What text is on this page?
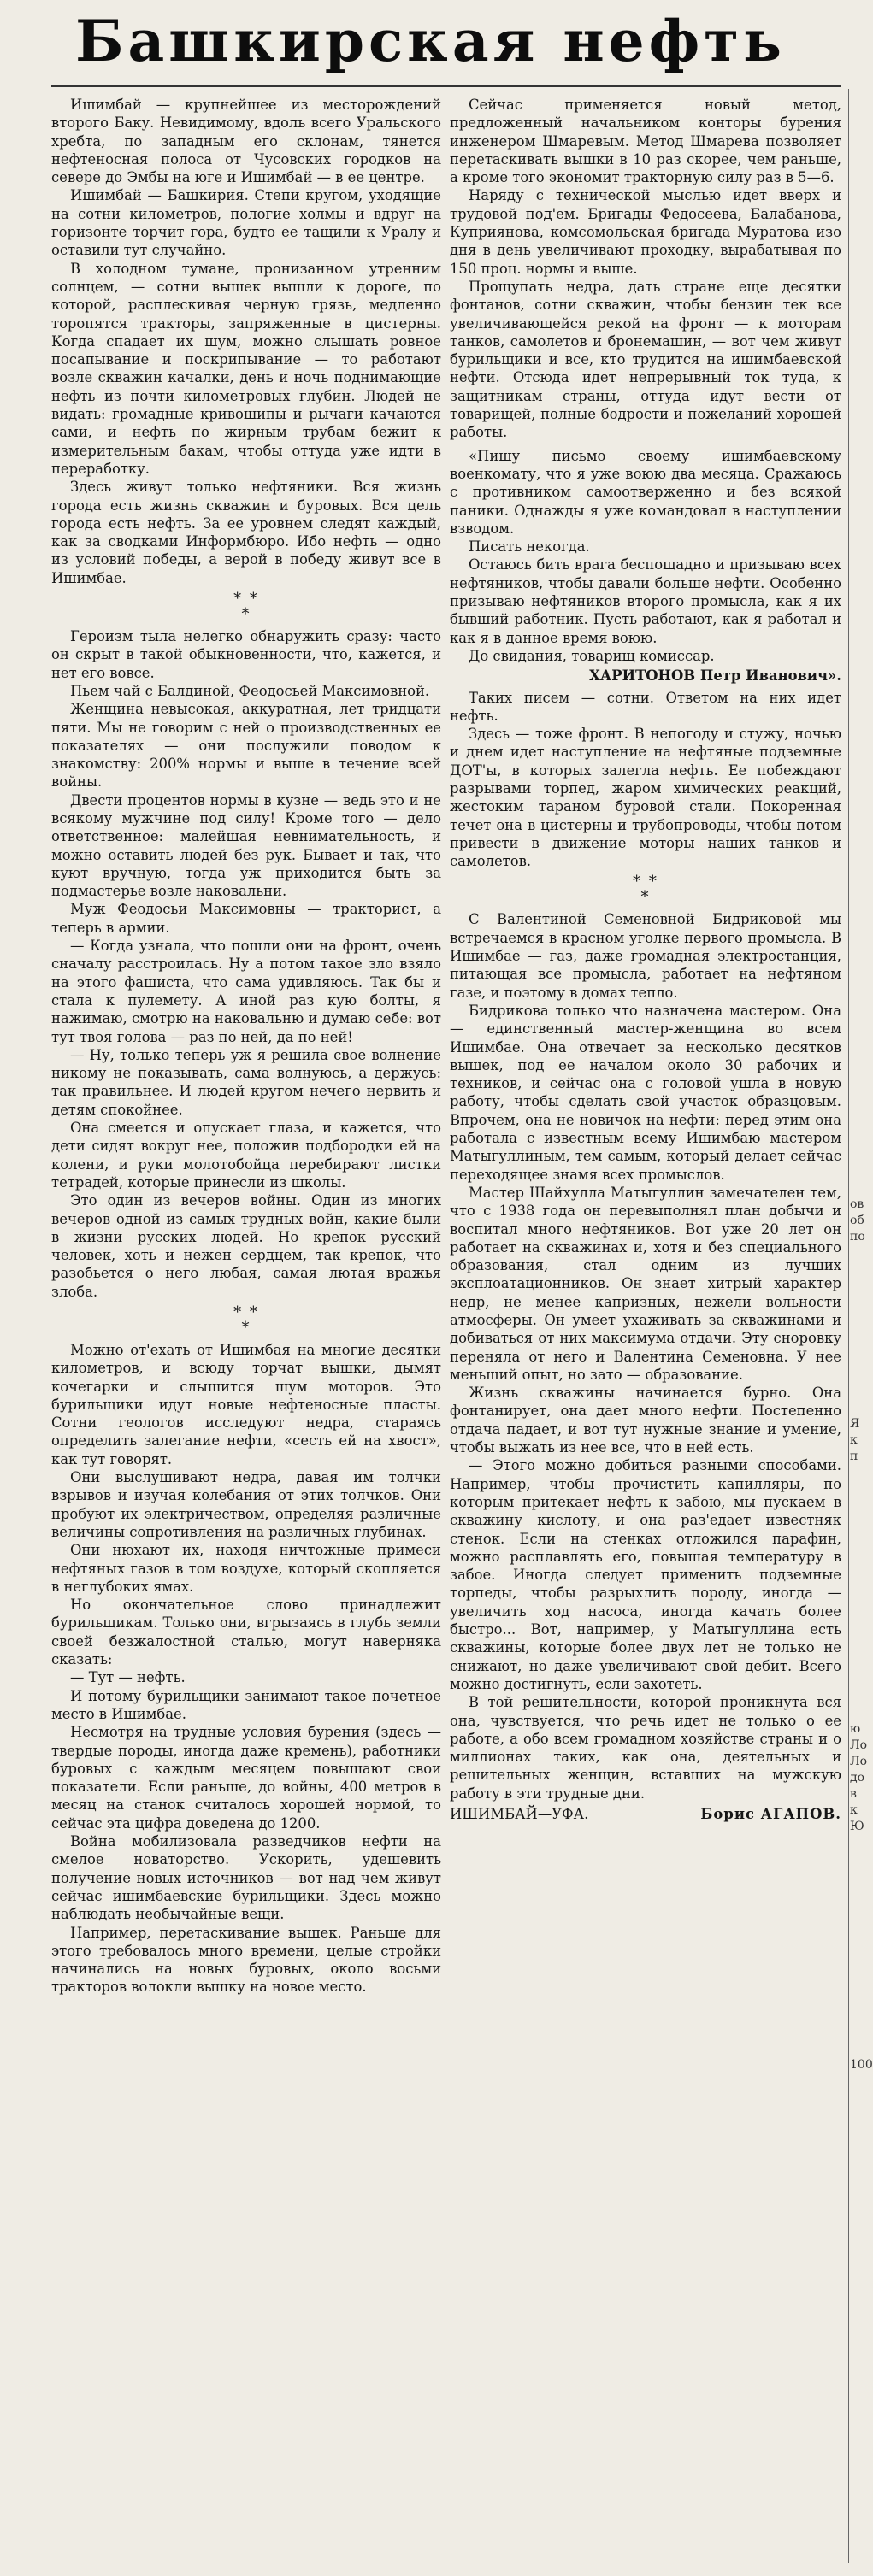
Башкирская нефть

Ишимбай — крупнейшее из месторождений второго Баку. Невидимому, вдоль всего Уральского хребта, по западным его склонам, тянется нефтеносная полоса от Чусовских городков на севере до Эмбы на юге и Ишимбай — в ее центре.

Ишимбай — Башкирия. Степи кругом, уходящие на сотни километров, пологие холмы и вдруг на горизонте торчит гора, будто ее тащили к Уралу и оставили тут случайно.

В холодном тумане, пронизанном утренним солнцем, — сотни вышек вышли к дороге, по которой, расплескивая черную грязь, медленно торопятся тракторы, запряженные в цистерны. Когда спадает их шум, можно слышать ровное посапывание и поскрипывание — то работают возле скважин качалки, день и ночь поднимающие нефть из почти километровых глубин. Людей не видать: громадные кривошипы и рычаги качаются сами, и нефть по жирным трубам бежит к измерительным бакам, чтобы оттуда уже идти в переработку.

Здесь живут только нефтяники. Вся жизнь города есть жизнь скважин и буровых. Вся цель города есть нефть. За ее уровнем следят каждый, как за сводками Информбюро. Ибо нефть — одно из условий победы, а верой в победу живут все в Ишимбае.

* *
*

Героизм тыла нелегко обнаружить сразу: часто он скрыт в такой обыкновенности, что, кажется, и нет его вовсе.

Пьем чай с Балдиной, Феодосьей Максимовной.

Женщина невысокая, аккуратная, лет тридцати пяти. Мы не говорим с ней о производственных ее показателях — они послужили поводом к знакомству: 200% нормы и выше в течение всей войны.

Двести процентов нормы в кузне — ведь это и не всякому мужчине под силу! Кроме того — дело ответственное: малейшая невнимательность, и можно оставить людей без рук. Бывает и так, что куют вручную, тогда уж приходится быть за подмастерье возле наковальни.

Муж Феодосьи Максимовны — тракторист, а теперь в армии.

— Когда узнала, что пошли они на фронт, очень сначалу расстроилась. Ну а потом такое зло взяло на этого фашиста, что сама удивляюсь. Так бы и стала к пулемету. А иной раз кую болты, я нажимаю, смотрю на наковальню и думаю себе: вот тут твоя голова — раз по ней, да по ней!

— Ну, только теперь уж я решила свое волнение никому не показывать, сама волнуюсь, а держусь: так правильнее. И людей кругом нечего нервить и детям спокойнее.

Она смеется и опускает глаза, и кажется, что дети сидят вокруг нее, положив подбородки ей на колени, и руки молотобойца перебирают листки тетрадей, которые принесли из школы.

Это один из вечеров войны. Один из многих вечеров одной из самых трудных войн, какие были в жизни русских людей. Но крепок русский человек, хоть и нежен сердцем, так крепок, что разобьется о него любая, самая лютая вражья злоба.

* *
*

Можно от'ехать от Ишимбая на многие десятки километров, и всюду торчат вышки, дымят кочегарки и слышится шум моторов. Это бурильщики идут новые нефтеносные пласты. Сотни геологов исследуют недра, стараясь определить залегание нефти, «сесть ей на хвост», как тут говорят.

Они выслушивают недра, давая им толчки взрывов и изучая колебания от этих толчков. Они пробуют их электричеством, определяя различные величины сопротивления на различных глубинах.

Они нюхают их, находя ничтожные примеси нефтяных газов в том воздухе, который скопляется в неглубоких ямах.

Но окончательное слово принадлежит бурильщикам. Только они, вгрызаясь в глубь земли своей безжалостной сталью, могут наверняка сказать:

— Тут — нефть.

И потому бурильщики занимают такое почетное место в Ишимбае.

Несмотря на трудные условия бурения (здесь — твердые породы, иногда даже кремень), работники буровых с каждым месяцем повышают свои показатели. Если раньше, до войны, 400 метров в месяц на станок считалось хорошей нормой, то сейчас эта цифра доведена до 1200.

Война мобилизовала разведчиков нефти на смелое новаторство. Ускорить, удешевить получение новых источников — вот над чем живут сейчас ишимбаевские бурильщики. Здесь можно наблюдать необычайные вещи.

Например, перетаскивание вышек. Раньше для этого требовалось много времени, целые стройки начинались на новых буровых, около восьми тракторов волокли вышку на новое место.

Сейчас применяется новый метод, предложенный начальником конторы бурения инженером Шмаревым. Метод Шмарева позволяет перетаскивать вышки в 10 раз скорее, чем раньше, а кроме того экономит тракторную силу раз в 5—6.

Наряду с технической мыслью идет вверх и трудовой под'ем. Бригады Федосеева, Балабанова, Куприянова, комсомольская бригада Муратова изо дня в день увеличивают проходку, вырабатывая по 150 проц. нормы и выше.

Прощупать недра, дать стране еще десятки фонтанов, сотни скважин, чтобы бензин тек все увеличивающейся рекой на фронт — к моторам танков, самолетов и бронемашин, — вот чем живут бурильщики и все, кто трудится на ишимбаевской нефти. Отсюда идет непрерывный ток туда, к защитникам страны, оттуда идут вести от товарищей, полные бодрости и пожеланий хорошей работы.

«Пишу письмо своему ишимбаевскому военкомату, что я уже воюю два месяца. Сражаюсь с противником самоотверженно и без всякой паники. Однажды я уже командовал в наступлении взводом.

Писать некогда.

Остаюсь бить врага беспощадно и призываю всех нефтяников, чтобы давали больше нефти. Особенно призываю нефтяников второго промысла, как я их бывший работник. Пусть работают, как я работал и как я в данное время воюю.

До свидания, товарищ комиссар.

ХАРИТОНОВ Петр Иванович».

Таких писем — сотни. Ответом на них идет нефть.

Здесь — тоже фронт. В непогоду и стужу, ночью и днем идет наступление на нефтяные подземные ДОТ'ы, в которых залегла нефть. Ее побеждают разрывами торпед, жаром химических реакций, жестоким тараном буровой стали. Покоренная течет она в цистерны и трубопроводы, чтобы потом привести в движение моторы наших танков и самолетов.

* *
*

С Валентиной Семеновной Бидриковой мы встречаемся в красном уголке первого промысла. В Ишимбае — газ, даже громадная электростанция, питающая все промысла, работает на нефтяном газе, и поэтому в домах тепло.

Бидрикова только что назначена мастером. Она — единственный мастер-женщина во всем Ишимбае. Она отвечает за несколько десятков вышек, под ее началом около 30 рабочих и техников, и сейчас она с головой ушла в новую работу, чтобы сделать свой участок образцовым. Впрочем, она не новичок на нефти: перед этим она работала с известным всему Ишимбаю мастером Матыгуллиным, тем самым, который делает сейчас переходящее знамя всех промыслов.

Мастер Шайхулла Матыгуллин замечателен тем, что с 1938 года он перевыполнял план добычи и воспитал много нефтяников. Вот уже 20 лет он работает на скважинах и, хотя и без специального образования, стал одним из лучших эксплоатационников. Он знает хитрый характер недр, не менее капризных, нежели вольности атмосферы. Он умеет ухаживать за скважинами и добиваться от них максимума отдачи. Эту сноровку переняла от него и Валентина Семеновна. У нее меньший опыт, но зато — образование.

Жизнь скважины начинается бурно. Она фонтанирует, она дает много нефти. Постепенно отдача падает, и вот тут нужные знание и умение, чтобы выжать из нее все, что в ней есть.

— Этого можно добиться разными способами. Например, чтобы прочистить капилляры, по которым притекает нефть к забою, мы пускаем в скважину кислоту, и она раз'едает известняк стенок. Если на стенках отложился парафин, можно расплавлять его, повышая температуру в забое. Иногда следует применить подземные торпеды, чтобы разрыхлить породу, иногда — увеличить ход насоса, иногда качать более быстро... Вот, например, у Матыгуллина есть скважины, которые более двух лет не только не снижают, но даже увеличивают свой дебит. Всего можно достигнуть, если захотеть.

В той решительности, которой проникнута вся она, чувствуется, что речь идет не только о ее работе, а обо всем громадном хозяйстве страны и о миллионах таких, как она, деятельных и решительных женщин, вставших на мужскую работу в эти трудные дни.

ИШИМБАЙ—УФА.	Борис АГАПОВ.
ов
об
по
Я
к
п
ю
Ло
Ло
до
в
к
Ю
100
